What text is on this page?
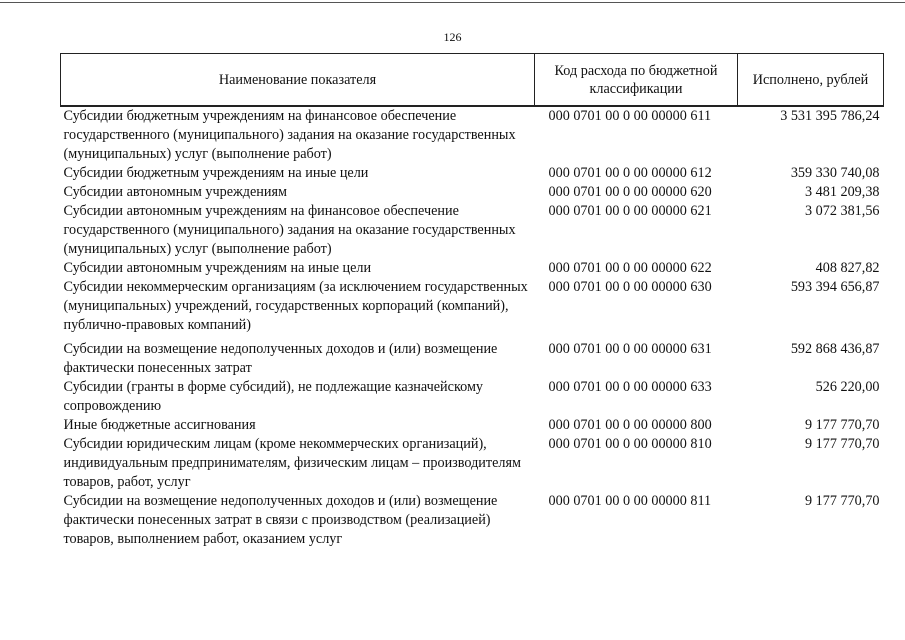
126
Наименование показателя	Код расхода по бюджетной классификации	Исполнено, рублей
Субсидии бюджетным учреждениям на финансовое обеспечение государственного (муниципального) задания на оказание государственных (муниципальных) услуг (выполнение работ)	000 0701 00 0 00 00000 611	3 531 395 786,24
Субсидии бюджетным учреждениям на иные цели	000 0701 00 0 00 00000 612	359 330 740,08
Субсидии автономным учреждениям	000 0701 00 0 00 00000 620	3 481 209,38
Субсидии автономным учреждениям на финансовое обеспечение государственного (муниципального) задания на оказание государственных (муниципальных) услуг (выполнение работ)	000 0701 00 0 00 00000 621	3 072 381,56
Субсидии автономным учреждениям на иные цели	000 0701 00 0 00 00000 622	408 827,82
Субсидии некоммерческим организациям (за исключением государственных (муниципальных) учреждений, государственных корпораций (компаний), публично-правовых компаний)	000 0701 00 0 00 00000 630	593 394 656,87
Субсидии на возмещение недополученных доходов и (или) возмещение фактически понесенных затрат	000 0701 00 0 00 00000 631	592 868 436,87
Субсидии (гранты в форме субсидий), не подлежащие казначейскому сопровождению	000 0701 00 0 00 00000 633	526 220,00
Иные бюджетные ассигнования	000 0701 00 0 00 00000 800	9 177 770,70
Субсидии юридическим лицам (кроме некоммерческих организаций), индивидуальным предпринимателям, физическим лицам – производителям товаров, работ, услуг	000 0701 00 0 00 00000 810	9 177 770,70
Субсидии на возмещение недополученных доходов и (или) возмещение фактически понесенных затрат в связи с производством (реализацией) товаров, выполнением работ, оказанием услуг	000 0701 00 0 00 00000 811	9 177 770,70
